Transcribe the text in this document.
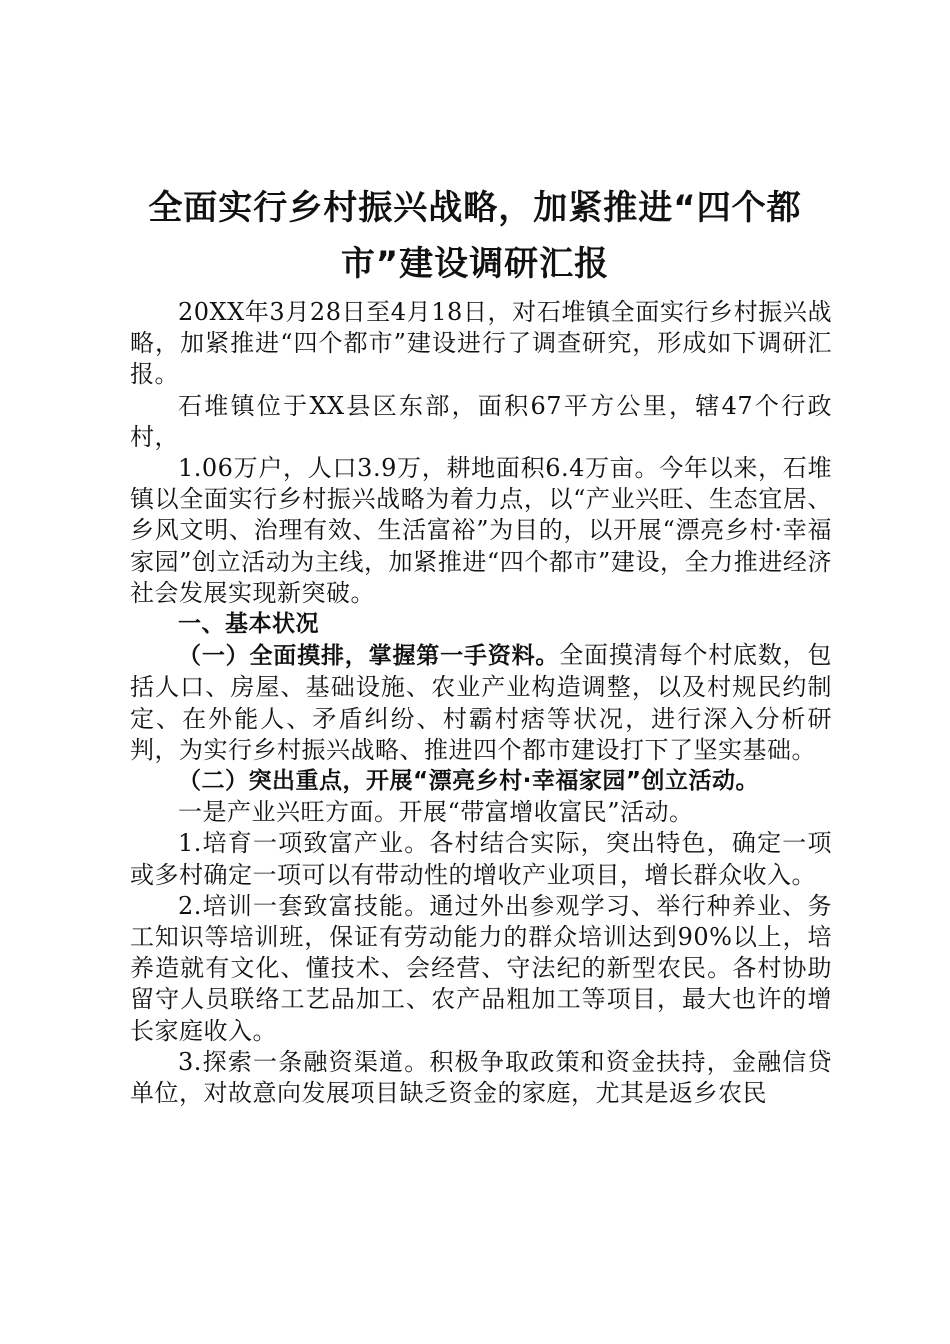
全面实行乡村振兴战略，加紧推进“四个都
市”建设调研汇报

20XX年3月28日至4月18日，对石堆镇全面实行乡村振兴战略，加紧推进“四个都市”建设进行了调查研究，形成如下调研汇报。

石堆镇位于XX县区东部，面积67平方公里，辖47个行政村，

1.06万户，人口3.9万，耕地面积6.4万亩。今年以来，石堆镇以全面实行乡村振兴战略为着力点，以“产业兴旺、生态宜居、乡风文明、治理有效、生活富裕”为目的，以开展“漂亮乡村·幸福家园”创立活动为主线，加紧推进“四个都市”建设，全力推进经济社会发展实现新突破。

一、基本状况

（一）全面摸排，掌握第一手资料。全面摸清每个村底数，包括人口、房屋、基础设施、农业产业构造调整，以及村规民约制定、在外能人、矛盾纠纷、村霸村痞等状况，进行深入分析研判，为实行乡村振兴战略、推进四个都市建设打下了坚实基础。

（二）突出重点，开展“漂亮乡村·幸福家园”创立活动。

一是产业兴旺方面。开展“带富增收富民”活动。

1.培育一项致富产业。各村结合实际，突出特色，确定一项或多村确定一项可以有带动性的增收产业项目，增长群众收入。

2.培训一套致富技能。通过外出参观学习、举行种养业、务工知识等培训班，保证有劳动能力的群众培训达到90%以上，培养造就有文化、懂技术、会经营、守法纪的新型农民。各村协助留守人员联络工艺品加工、农产品粗加工等项目，最大也许的增长家庭收入。

3.探索一条融资渠道。积极争取政策和资金扶持，金融信贷单位，对故意向发展项目缺乏资金的家庭，尤其是返乡农民
